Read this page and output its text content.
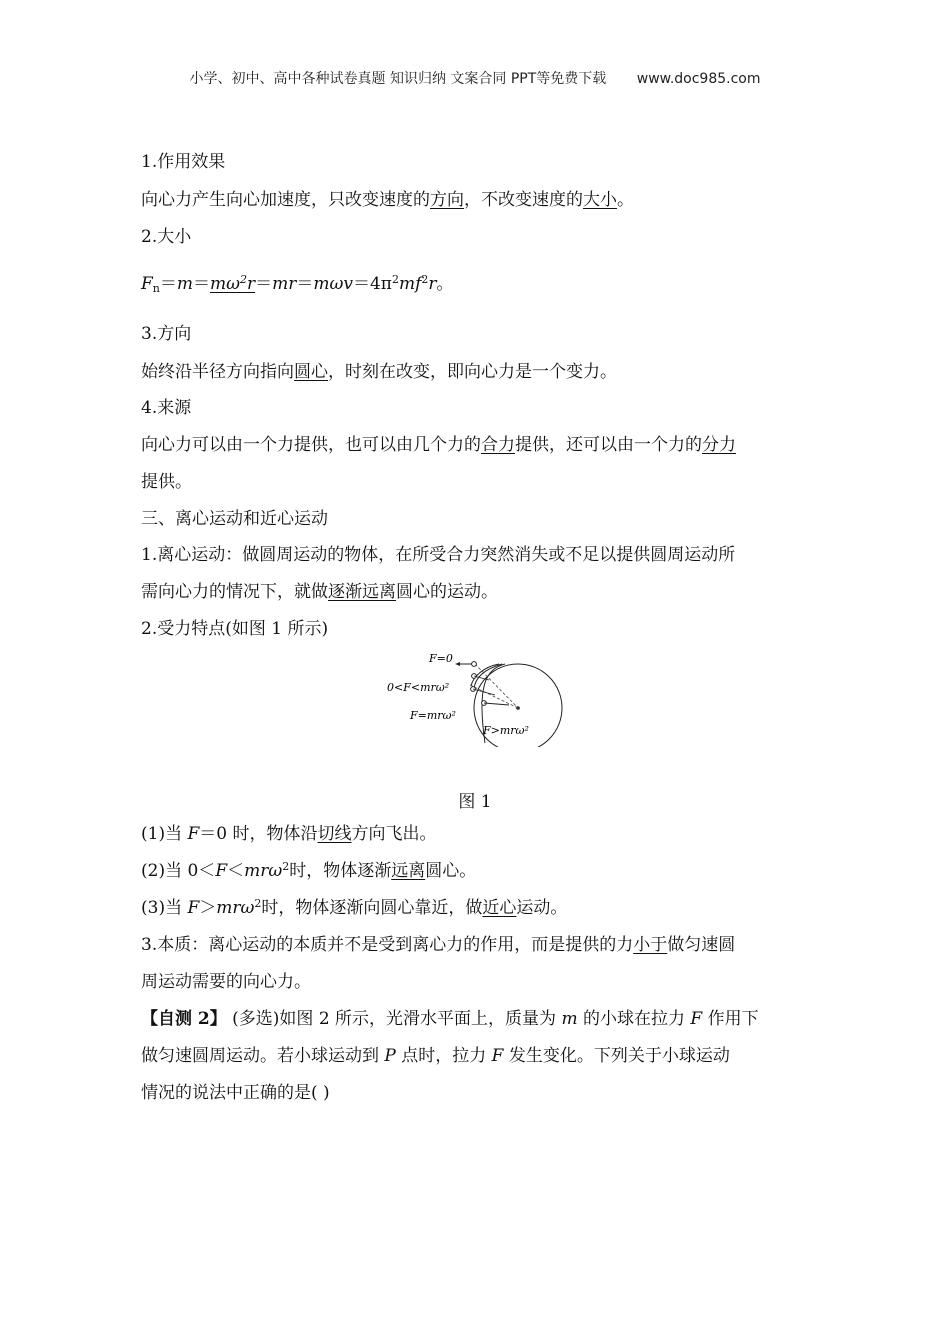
小学、初中、高中各种试卷真题 知识归纳 文案合同 PPT等免费下载 www.doc985.com
1.作用效果
向心力产生向心加速度，只改变速度的方向，不改变速度的大小。
2.大小
$F_n=m=m\omega^2r=mr=m\omega v=4\pi^2mf^2r$。
3.方向
始终沿半径方向指向圆心，时刻在改变，即向心力是一个变力。
4.来源
向心力可以由一个力提供，也可以由几个力的合力提供，还可以由一个力的分力
提供。
三、离心运动和近心运动
1.离心运动：做圆周运动的物体，在所受合力突然消失或不足以提供圆周运动所
需向心力的情况下，就做逐渐远离圆心的运动。
2.受力特点(如图 1 所示)
(1)当 F＝0 时，物体沿切线方向飞出。
(2)当 0＜F＜mrω$^2$时，物体逐渐远离圆心。
(3)当 F＞mrω$^2$时，物体逐渐向圆心靠近，做近心运动。
3.本质：离心运动的本质并不是受到离心力的作用，而是提供的力小于做匀速圆
周运动需要的向心力。
【自测 2】 (多选)如图 2 所示，光滑水平面上，质量为 m 的小球在拉力 F 作用下
做匀速圆周运动。若小球运动到 P 点时，拉力 F 发生变化。下列关于小球运动
情况的说法中正确的是( )
F=0
0<F<mrω²
F=mrω²
F>mrω²
图 1
